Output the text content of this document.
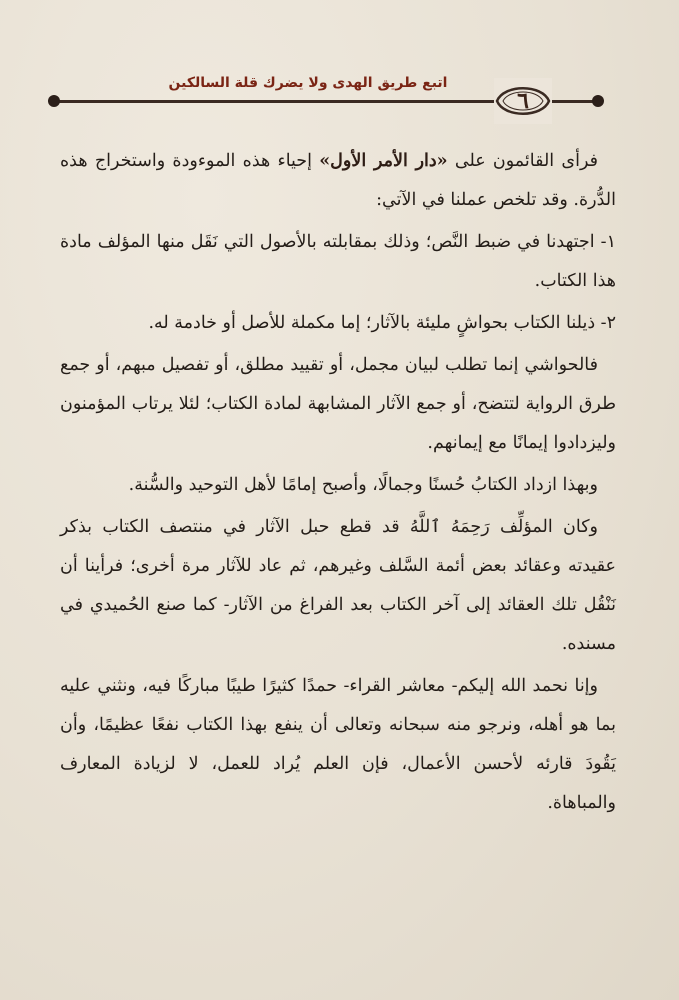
اتبع طريق الهدى ولا يضرك قلة السالكين
٦

فرأى القائمون على «دار الأمر الأول» إحياء هذه الموءودة واستخراج هذه الدُّرة. وقد تلخص عملنا في الآتي:

١- اجتهدنا في ضبط النَّص؛ وذلك بمقابلته بالأصول التي نَقَل منها المؤلف مادة هذا الكتاب.

٢- ذيلنا الكتاب بحواشٍ مليئة بالآثار؛ إما مكملة للأصل أو خادمة له.

فالحواشي إنما تطلب لبيان مجمل، أو تقييد مطلق، أو تفصيل مبهم، أو جمع طرق الرواية لتتضح، أو جمع الآثار المشابهة لمادة الكتاب؛ لئلا يرتاب المؤمنون وليزدادوا إيمانًا مع إيمانهم.

وبهذا ازداد الكتابُ حُسنًا وجمالًا، وأصبح إمامًا لأهل التوحيد والسُّنة.

وكان المؤلِّف رَحِمَهُ ٱللَّهُ قد قطع حبل الآثار في منتصف الكتاب بذكر عقيدته وعقائد بعض أئمة السَّلف وغيرهم، ثم عاد للآثار مرة أخرى؛ فرأينا أن نَنْقُل تلك العقائد إلى آخر الكتاب بعد الفراغ من الآثار- كما صنع الحُميدي في مسنده.

وإنا نحمد الله إليكم- معاشر القراء- حمدًا كثيرًا طيبًا مباركًا فيه، ونثني عليه بما هو أهله، ونرجو منه سبحانه وتعالى أن ينفع بهذا الكتاب نفعًا عظيمًا، وأن يَقُودَ قارئه لأحسن الأعمال، فإن العلم يُراد للعمل، لا لزيادة المعارف والمباهاة.
